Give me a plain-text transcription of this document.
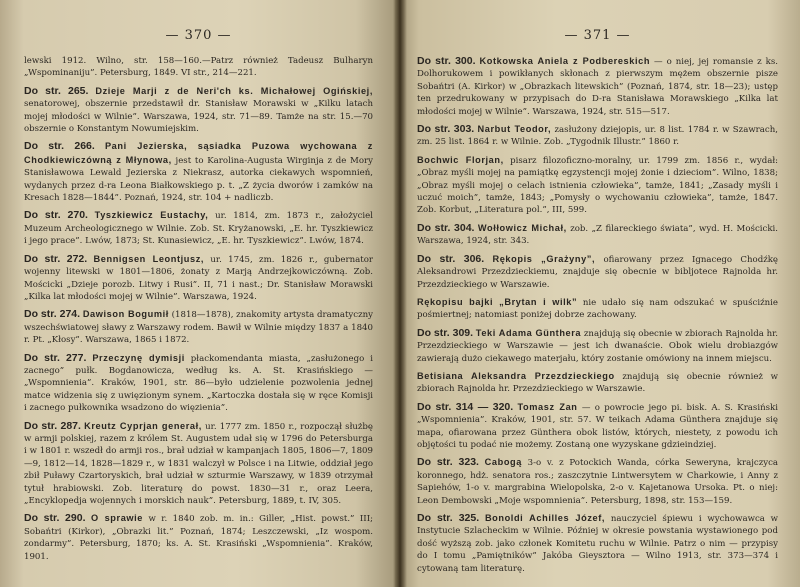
— 370 —

lewski 1912. Wilno, str. 158—160.—Patrz również Tadeusz Bulharyn „Wspominaniju”. Petersburg, 1849. VI str., 214—221.

Do str. 265. Dzieje Marji z de Neri'ch ks. Michałowej Ogińskiej, senatorowej, obszernie przedstawił dr. Stanisław Morawski w „Kilku latach mojej młodości w Wilnie”. Warszawa, 1924, str. 71—89. Tamże na str. 15.—70 obszernie o Konstantym Nowumiejskim.

Do str. 266. Pani Jezierska, sąsiadka Puzowa wychowana z Chodkiewiczówną z Młynowa, jest to Karolina-Augusta Wirginja z de Mory Stanisławowa Lewald Jezierska z Niekrasz, autorka ciekawych wspomnień, wydanych przez d-ra Leona Białkowskiego p. t. „Z życia dworów i zamków na Kresach 1828—1844”. Poznań, 1924, str. 104 + nadliczb.

Do str. 270. Tyszkiewicz Eustachy, ur. 1814, zm. 1873 r., założyciel Muzeum Archeologicznego w Wilnie. Zob. St. Kryżanowski, „E. hr. Tyszkiewicz i jego prace”. Lwów, 1873; St. Kunasiewicz, „E. hr. Tyszkiewicz”. Lwów, 1874.

Do str. 272. Bennigsen Leontjusz, ur. 1745, zm. 1826 r., gubernator wojenny litewski w 1801—1806, żonaty z Marją Andrzejkowiczówną. Zob. Mościcki „Dzieje porozb. Litwy i Rusi”. II, 71 i nast.; Dr. Stanisław Morawski „Kilka lat młodości mojej w Wilnie”. Warszawa, 1924.

Do str. 274. Dawison Bogumił (1818—1878), znakomity artysta dramatyczny wszechświatowej sławy z Warszawy rodem. Bawił w Wilnie między 1837 a 1840 r. Pt. „Kłosy”. Warszawa, 1865 i 1872.

Do str. 277. Przeczynę dymisji płackomendanta miasta, „zasłużonego i zacnego” pułk. Bogdanowicza, według ks. A. St. Krasińskiego — „Wspomnienia”. Kraków, 1901, str. 86—było udzielenie pozwolenia jednej matce widzenia się z uwięzionym synem. „Kartoczka dostała się w ręce Komisji i zacnego pułkownika wsadzono do więzienia”.

Do str. 287. Kreutz Cyprjan generał, ur. 1777 zm. 1850 r., rozpoczął służbę w armji polskiej, razem z królem St. Augustem udał się w 1796 do Petersburga i w 1801 r. wszedł do armji ros., brał udział w kampanjach 1805, 1806—7, 1809—9, 1812—14, 1828—1829 r., w 1831 walczył w Polsce i na Litwie, oddział jego zbił Puławy Czartoryskich, brał udział w szturmie Warszawy, w 1839 otrzymał tytuł hrabiowski. Zob. literaturę do powst. 1830—31 r., oraz Leera, „Encyklopedja wojennych i morskich nauk”. Petersburg, 1889, t. IV, 305.

Do str. 290. O sprawie w r. 1840 zob. m. in.: Giller, „Hist. powst.” III; Sobańtri (Kirkor), „Obrazki lit.” Poznań, 1874; Leszczewski, „Iz wospom. zondarmy”. Petersburg, 1870; ks. A. St. Krasiński „Wspomnienia”. Kraków, 1901.

— 371 —

Do str. 300. Kotkowska Aniela z Podbereskich — o niej, jej romansie z ks. Dolhorukowem i powikłanych skłonach z pierwszym mężem obszernie pisze Sobańtri (A. Kirkor) w „Obrazkach litewskich” (Poznań, 1874, str. 18—23); ustęp ten przedrukowany w przypisach do D-ra Stanisława Morawskiego „Kilka lat młodości mojej w Wilnie”. Warszawa, 1924, str. 515—517.

Do str. 303. Narbut Teodor, zasłużony dziejopis, ur. 8 list. 1784 r. w Szawrach, zm. 25 list. 1864 r. w Wilnie. Zob. „Tygodnik Illustr.” 1860 r.

Bochwic Florjan, pisarz filozoficzno-moralny, ur. 1799 zm. 1856 r., wydał: „Obraz myśli mojej na pamiątkę egzystencji mojej żonie i dzieciom”. Wilno, 1838; „Obraz myśli mojej o celach istnienia człowieka”, tamże, 1841; „Zasady myśli i uczuć moich”, tamże, 1843; „Pomysły o wychowaniu człowieka”, tamże, 1847. Zob. Korbut, „Literatura pol.”, III, 599.

Do str. 304. Wołłowicz Michał, zob. „Z filareckiego świata”, wyd. H. Mościcki. Warszawa, 1924, str. 343.

Do str. 306. Rękopis „Grażyny”, ofiarowany przez Ignacego Chodźkę Aleksandrowi Przezdzieckiemu, znajduje się obecnie w bibljotece Rajnolda hr. Przezdzieckiego w Warszawie.

Rękopisu bajki „Brytan i wilk” nie udało się nam odszukać w spuściźnie pośmiertnej; natomiast poniżej dobrze zachowany.

Do str. 309. Teki Adama Günthera znajdują się obecnie w zbiorach Rajnolda hr. Przezdzieckiego w Warszawie — jest ich dwanaście. Obok wielu drobiazgów zawierają dużo ciekawego materjału, który zostanie omówiony na innem miejscu.

Betisiana Aleksandra Przezdzieckiego znajdują się obecnie również w zbiorach Rajnolda hr. Przezdzieckiego w Warszawie.

Do str. 314 — 320. Tomasz Zan — o powrocie jego pi. bisk. A. S. Krasiński „Wspomnienia”. Kraków, 1901, str. 57. W teikach Adama Günthera znajduje się mapa, ofiarowana przez Günthera obok listów, których, niestety, z powodu ich objętości tu podać nie możemy. Zostaną one wyzyskane gdzieindziej.

Do str. 323. Cabogą 3-o v. z Potockich Wanda, córka Seweryna, krajczyca koronnego, hdż. senatora ros.; zaszczytnie Lintwersytem w Charkowie, i Anny z Sapiehów, 1-o v. margrabina Wielopolska, 2-o v. Kajetanowa Ursoka. Pt. o niej: Leon Dembowski „Moje wspomnienia”. Petersburg, 1898, str. 153—159.

Do str. 325. Bonoldi Achilles Józef, nauczyciel śpiewu i wychowawca w Instytucie Szlacheckim w Wilnie. Później w okresie powstania wystawionego pod dość wyższą zob. jako członek Komitetu ruchu w Wilnie. Patrz o nim — przypisy do I tomu „Pamiętników” Jakóba Gieysztora — Wilno 1913, str. 373—374 i cytowaną tam literaturę.
